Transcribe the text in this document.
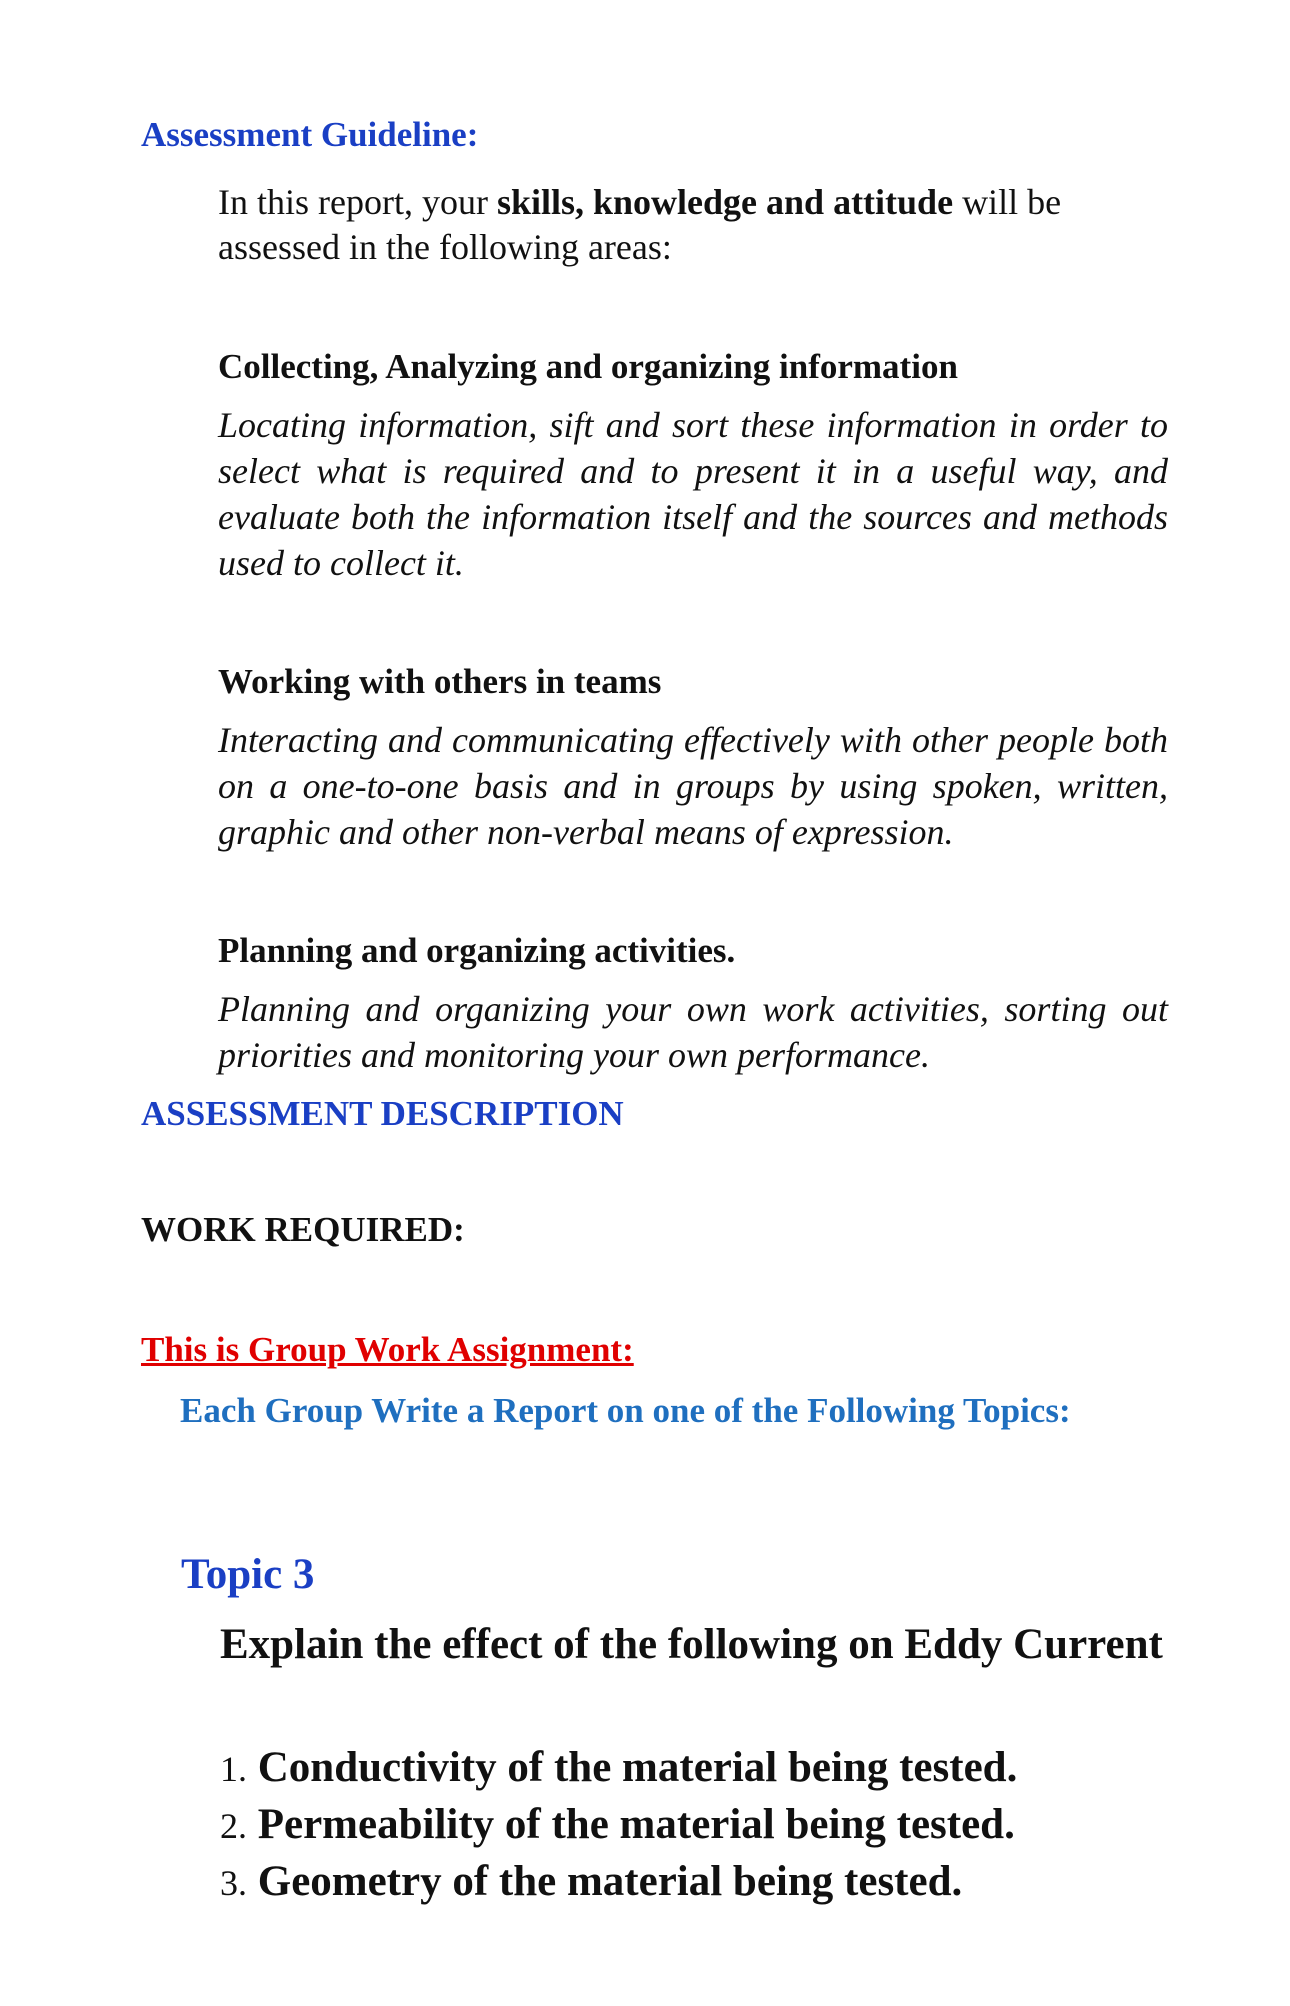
Assessment Guideline:
In this report, your skills, knowledge and attitude will be assessed in the following areas:
Collecting, Analyzing and organizing information
Locating information, sift and sort these information in order to select what is required and to present it in a useful way, and evaluate both the information itself and the sources and methods used to collect it.
Working with others in teams
Interacting and communicating effectively with other people both on a one-to-one basis and in groups by using spoken, written, graphic and other non-verbal means of expression.
Planning and organizing activities.
Planning and organizing your own work activities, sorting out priorities and monitoring your own performance.
ASSESSMENT DESCRIPTION
WORK REQUIRED:
This is Group Work Assignment:
Each Group Write a Report on one of the Following Topics:
Topic 3
Explain the effect of the following on Eddy Current
1. Conductivity of the material being tested.
2. Permeability of the material being tested.
3. Geometry of the material being tested.
